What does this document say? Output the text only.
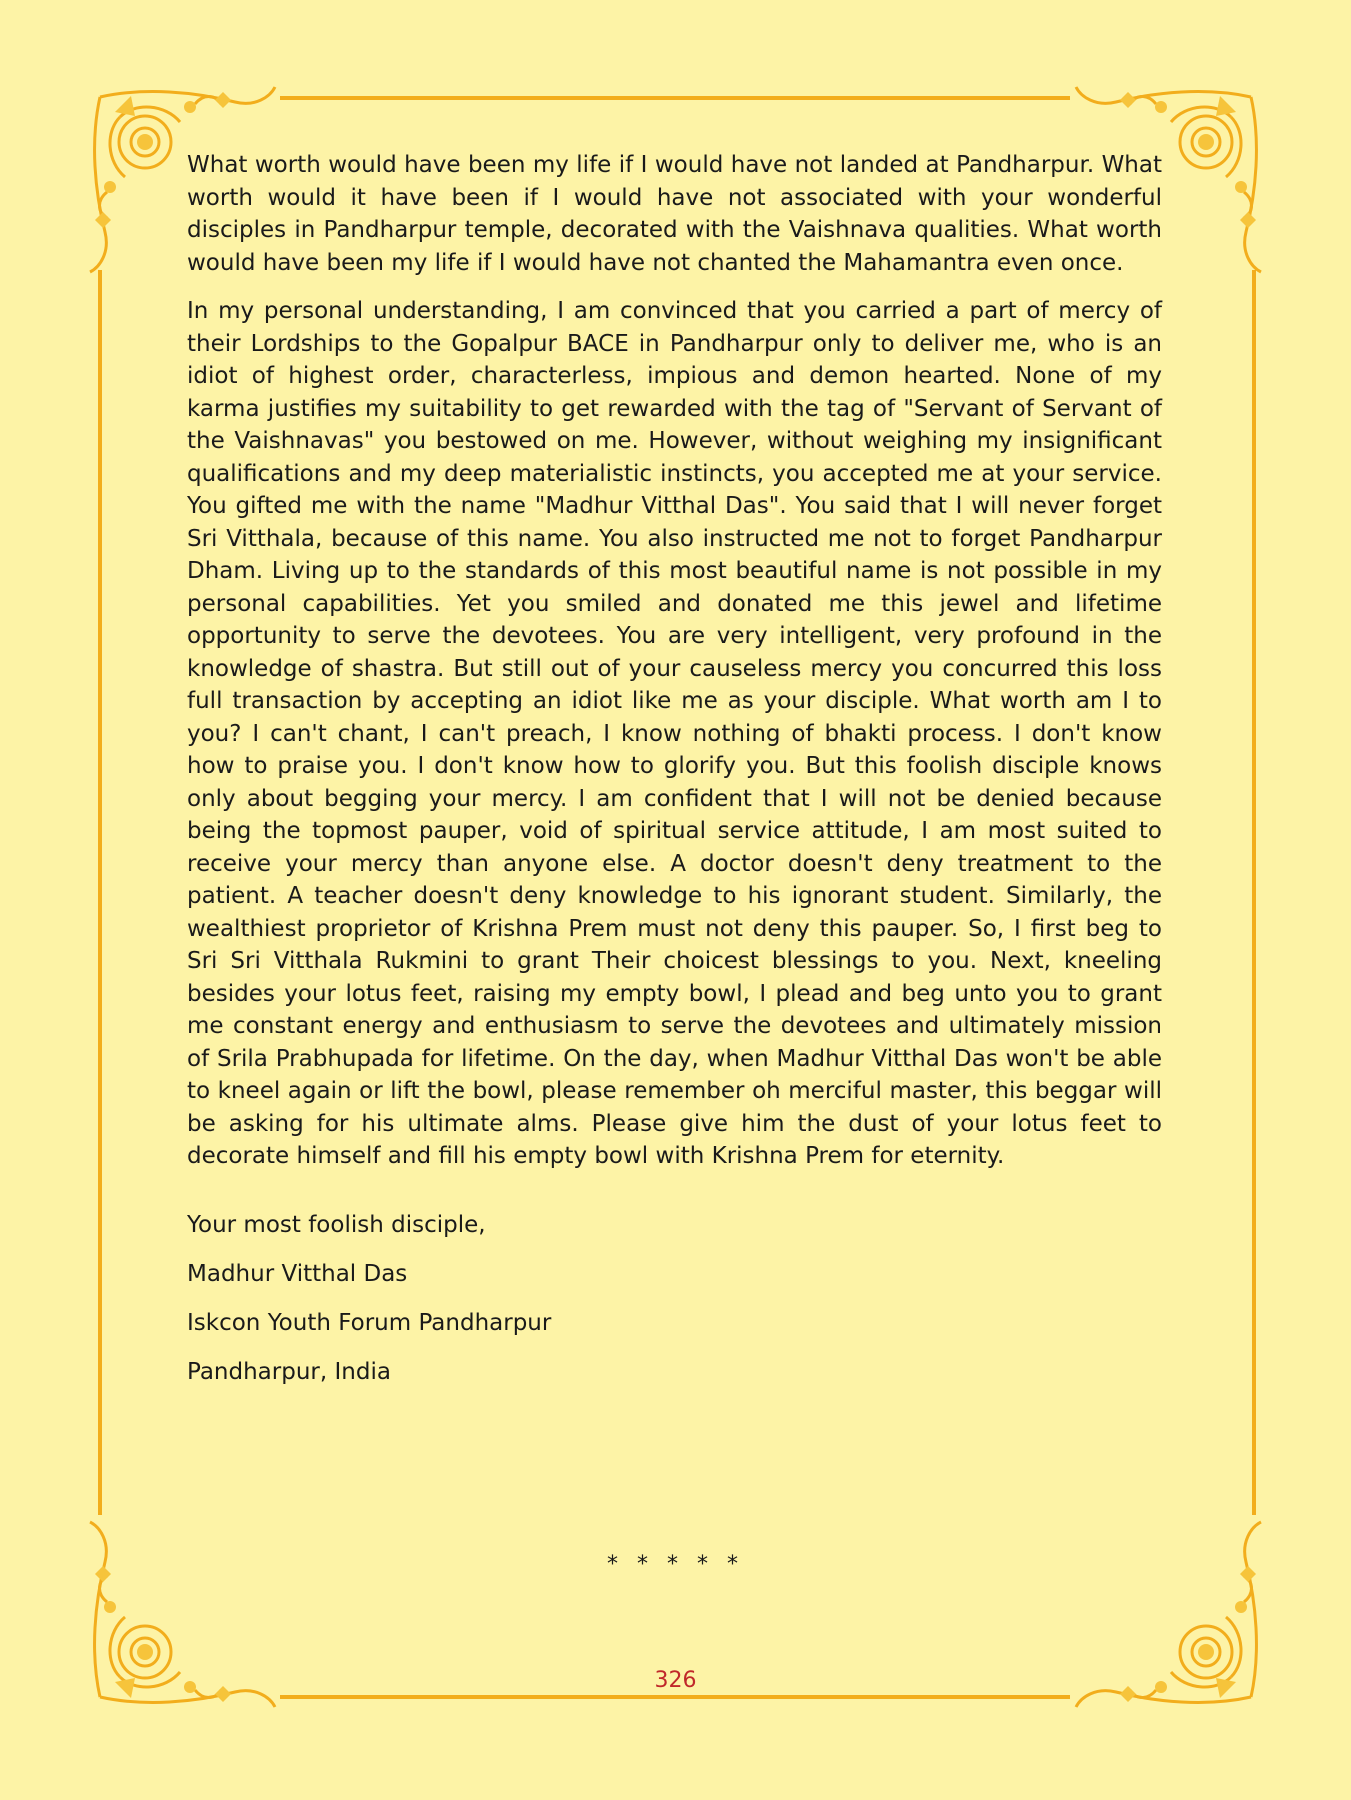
What worth would have been my life if I would have not landed at Pandharpur. What worth would it have been if I would have not associated with your wonderful disciples in Pandharpur temple, decorated with the Vaishnava qualities. What worth would have been my life if I would have not chanted the Mahamantra even once.

In my personal understanding, I am convinced that you carried a part of mercy of their Lordships to the Gopalpur BACE in Pandharpur only to deliver me, who is an idiot of highest order, characterless, impious and demon hearted. None of my karma justifies my suitability to get rewarded with the tag of "Servant of Servant of the Vaishnavas" you bestowed on me. However, without weighing my insignificant qualifications and my deep materialistic instincts, you accepted me at your service. You gifted me with the name "Madhur Vitthal Das". You said that I will never forget Sri Vitthala, because of this name. You also instructed me not to forget Pandharpur Dham. Living up to the standards of this most beautiful name is not possible in my personal capabilities. Yet you smiled and donated me this jewel and lifetime opportunity to serve the devotees. You are very intelligent, very profound in the knowledge of shastra. But still out of your causeless mercy you concurred this loss full transaction by accepting an idiot like me as your disciple. What worth am I to you? I can't chant, I can't preach, I know nothing of bhakti process. I don't know how to praise you. I don't know how to glorify you. But this foolish disciple knows only about begging your mercy. I am confident that I will not be denied because being the topmost pauper, void of spiritual service attitude, I am most suited to receive your mercy than anyone else. A doctor doesn't deny treatment to the patient. A teacher doesn't deny knowledge to his ignorant student. Similarly, the wealthiest proprietor of Krishna Prem must not deny this pauper. So, I first beg to Sri Sri Vitthala Rukmini to grant Their choicest blessings to you. Next, kneeling besides your lotus feet, raising my empty bowl, I plead and beg unto you to grant me constant energy and enthusiasm to serve the devotees and ultimately mission of Srila Prabhupada for lifetime. On the day, when Madhur Vitthal Das won't be able to kneel again or lift the bowl, please remember oh merciful master, this beggar will be asking for his ultimate alms. Please give him the dust of your lotus feet to decorate himself and fill his empty bowl with Krishna Prem for eternity.

Your most foolish disciple,
Madhur Vitthal Das
Iskcon Youth Forum Pandharpur
Pandharpur, India
* * * * *
326
